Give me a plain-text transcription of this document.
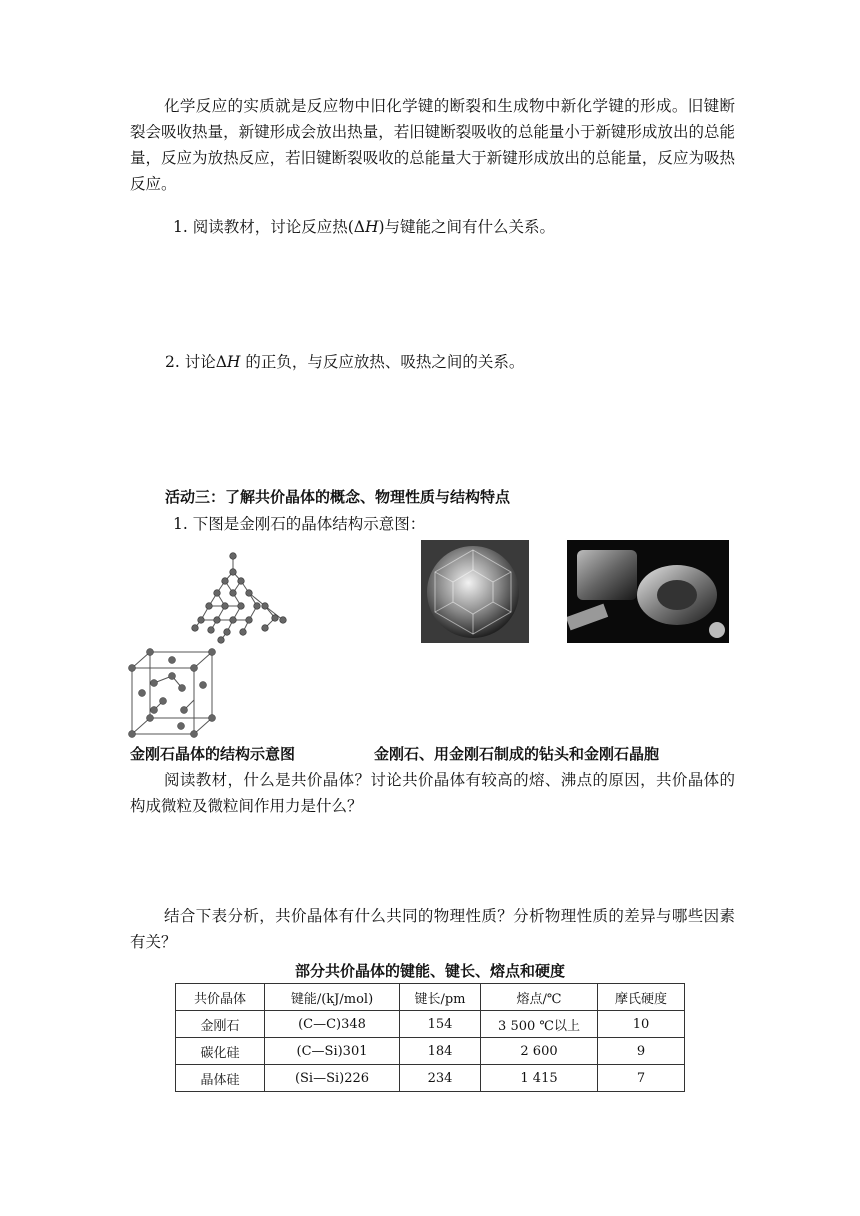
化学反应的实质就是反应物中旧化学键的断裂和生成物中新化学键的形成。旧键断裂会吸收热量，新键形成会放出热量，若旧键断裂吸收的总能量小于新键形成放出的总能量，反应为放热反应，若旧键断裂吸收的总能量大于新键形成放出的总能量，反应为吸热反应。

1. 阅读教材，讨论反应热(ΔH)与键能之间有什么关系。

2. 讨论ΔH 的正负，与反应放热、吸热之间的关系。

活动三：了解共价晶体的概念、物理性质与结构特点

1. 下图是金刚石的晶体结构示意图：

金刚石晶体的结构示意图	金刚石、用金刚石制成的钻头和金刚石晶胞

阅读教材，什么是共价晶体？讨论共价晶体有较高的熔、沸点的原因，共价晶体的构成微粒及微粒间作用力是什么？

结合下表分析，共价晶体有什么共同的物理性质？分析物理性质的差异与哪些因素有关？

部分共价晶体的键能、键长、熔点和硬度
共价晶体	键能/(kJ/mol)	键长/pm	熔点/℃	摩氏硬度
金刚石	(C—C)348	154	3 500 ℃以上	10
碳化硅	(C—Si)301	184	2 600	9
晶体硅	(Si—Si)226	234	1 415	7
